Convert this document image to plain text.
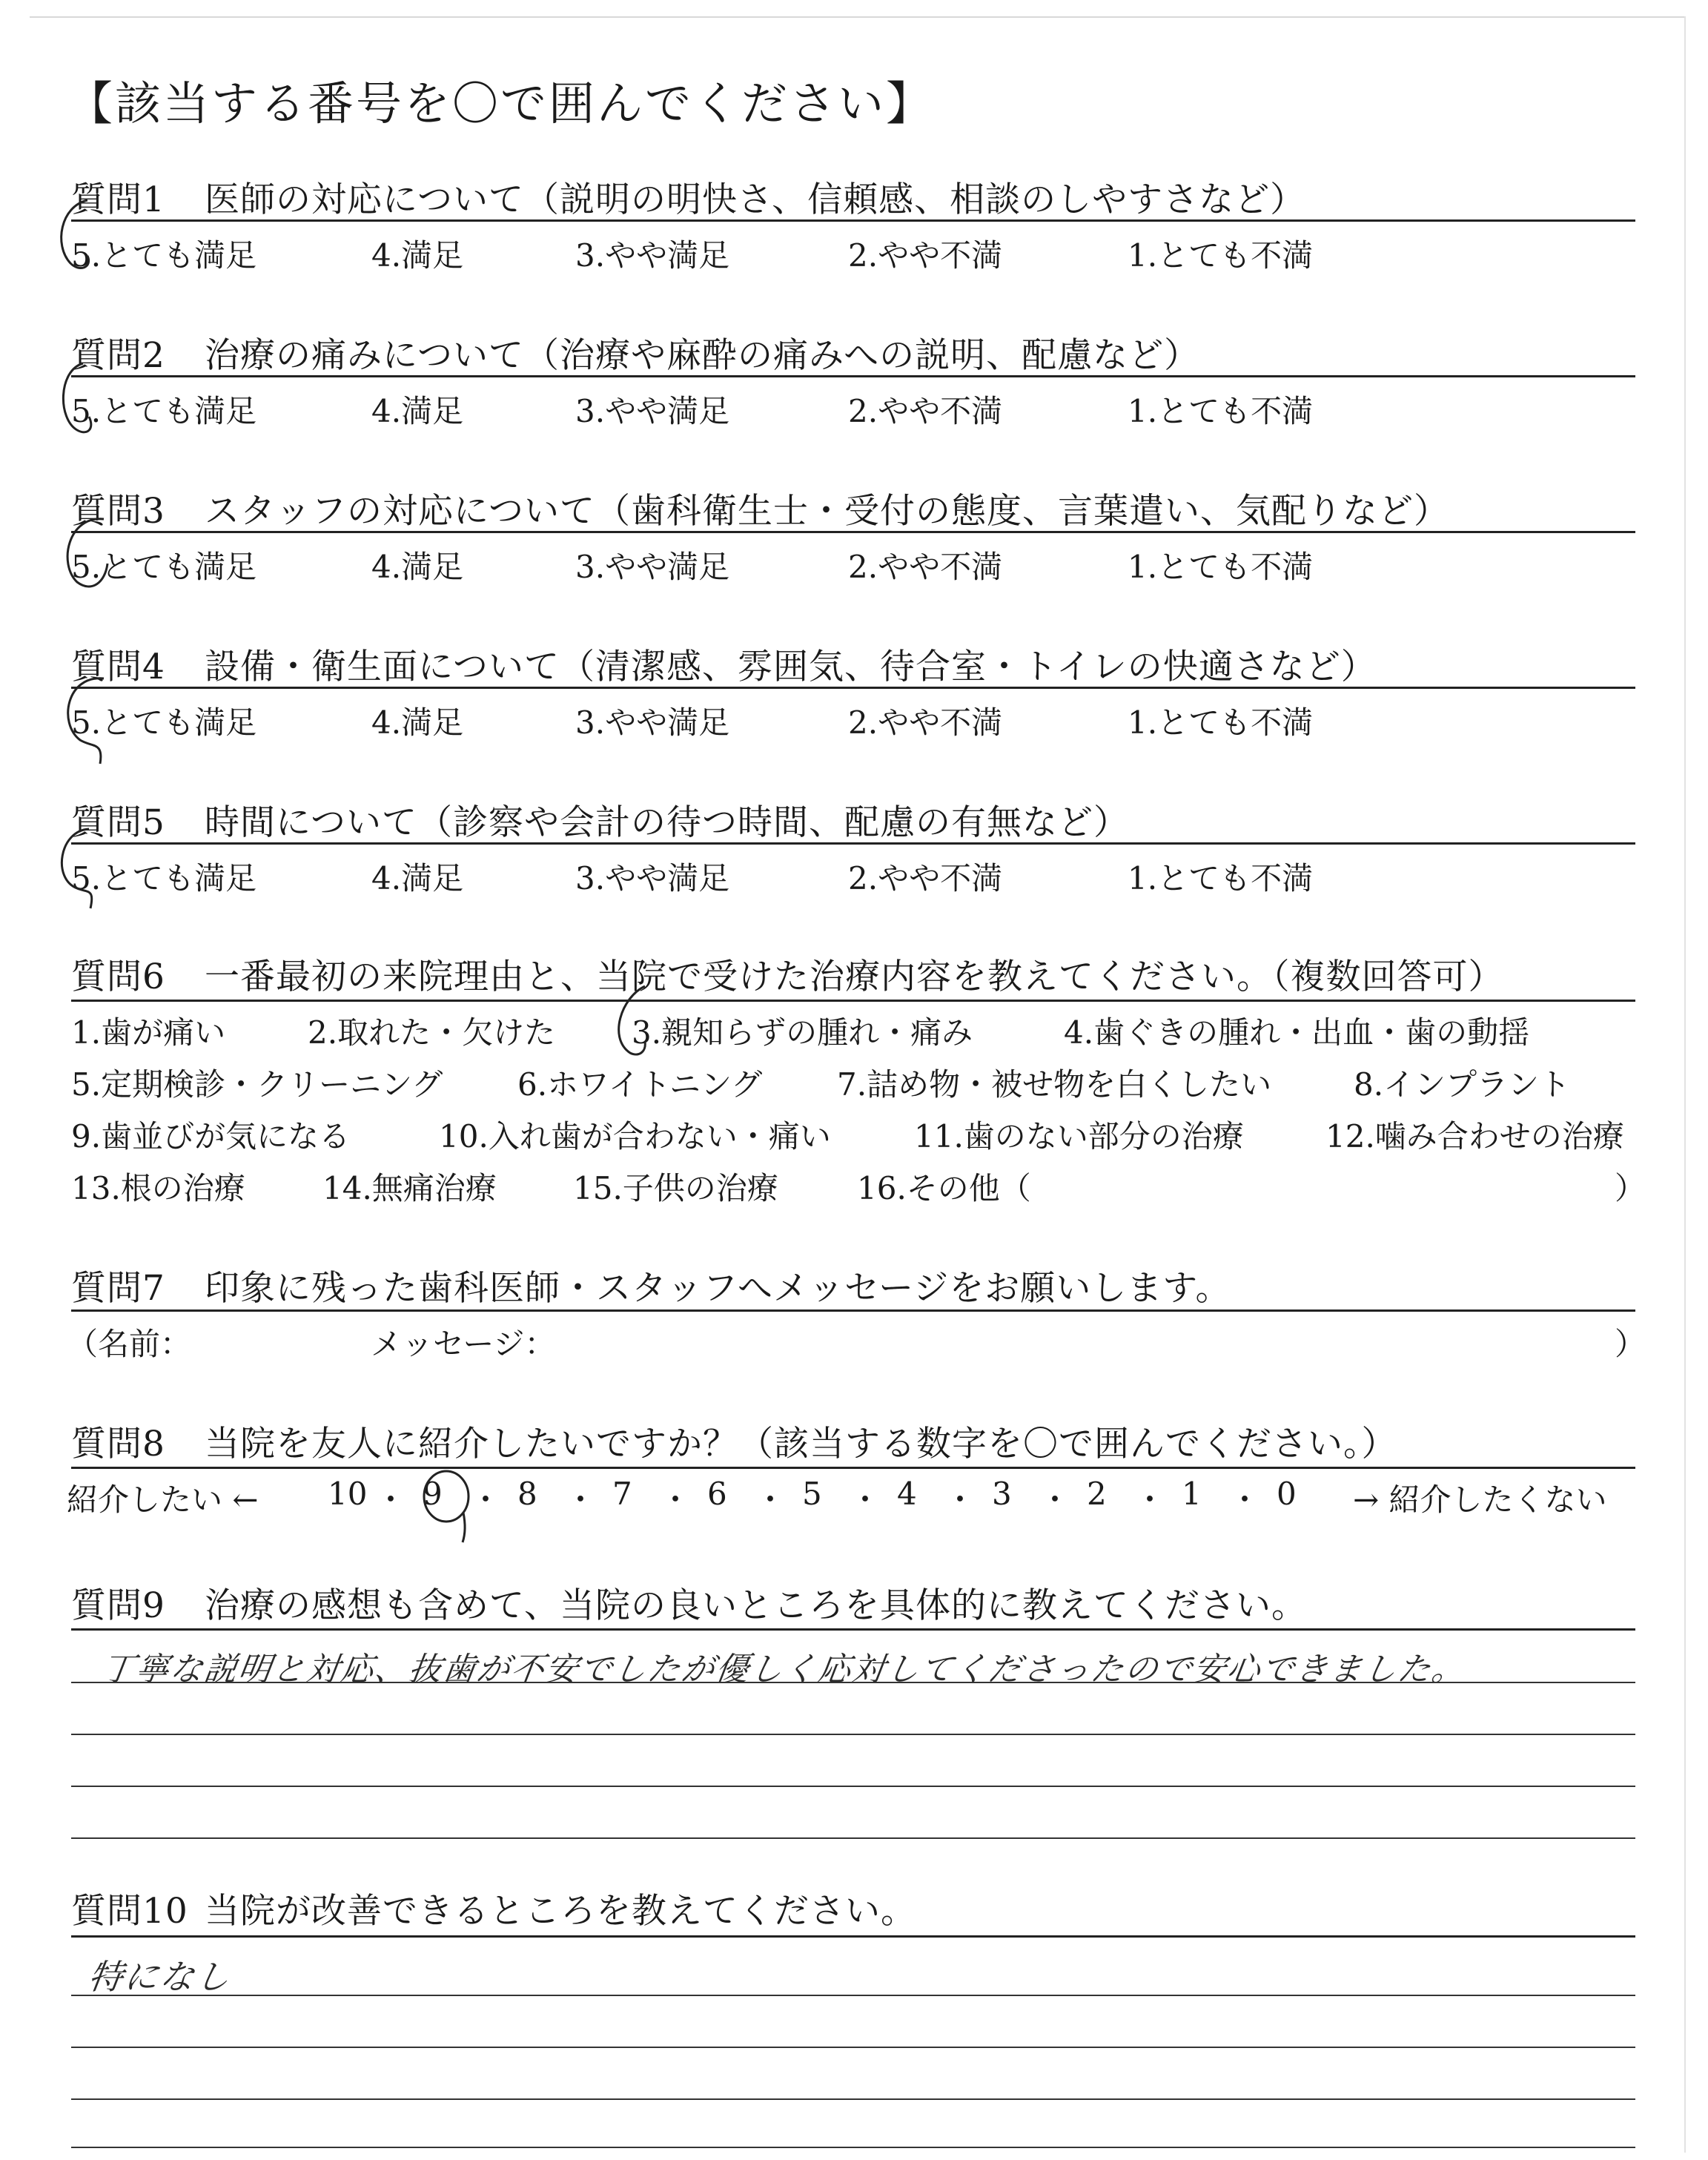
【該当する番号を〇で囲んでください】
質問1 医師の対応について（説明の明快さ、信頼感、相談のしやすさなど）
5.とても満足	4.満足	3.やや満足	2.やや不満	1.とても不満
質問2 治療の痛みについて（治療や麻酔の痛みへの説明、配慮など）
5.とても満足	4.満足	3.やや満足	2.やや不満	1.とても不満
質問3 スタッフの対応について（歯科衛生士・受付の態度、言葉遣い、気配りなど）
5.とても満足	4.満足	3.やや満足	2.やや不満	1.とても不満
質問4 設備・衛生面について（清潔感、雰囲気、待合室・トイレの快適さなど）
5.とても満足	4.満足	3.やや満足	2.やや不満	1.とても不満
質問5 時間について（診察や会計の待つ時間、配慮の有無など）
5.とても満足	4.満足	3.やや満足	2.やや不満	1.とても不満
質問6 一番最初の来院理由と、当院で受けた治療内容を教えてください。（複数回答可）
1.歯が痛い	2.取れた・欠けた 3.親知らずの腫れ・痛み	4.歯ぐきの腫れ・出血・歯の動揺
5.定期検診・クリーニング 6.ホワイトニング 7.詰め物・被せ物を白くしたい	8.インプラント
9.歯並びが気になる	10.入れ歯が合わない・痛い	11.歯のない部分の治療	12.噛み合わせの治療
13.根の治療 14.無痛治療 15.子供の治療	16.その他（	）
質問7 印象に残った歯科医師・スタッフへメッセージをお願いします。
（名前：	メッセージ：	）
質問8 当院を友人に紹介したいですか？（該当する数字を〇で囲んでください。）
紹介したい ←	→ 紹介したくない
10 ・ 9 ・ 8 ・ 7 ・ 6 ・ 5 ・ 4 ・ 3 ・ 2 ・ 1 ・ 0
質問9 治療の感想も含めて、当院の良いところを具体的に教えてください。
丁寧な説明と対応、抜歯が不安でしたが優しく応対してくださったので安心できました。
質問10 当院が改善できるところを教えてください。
特になし
